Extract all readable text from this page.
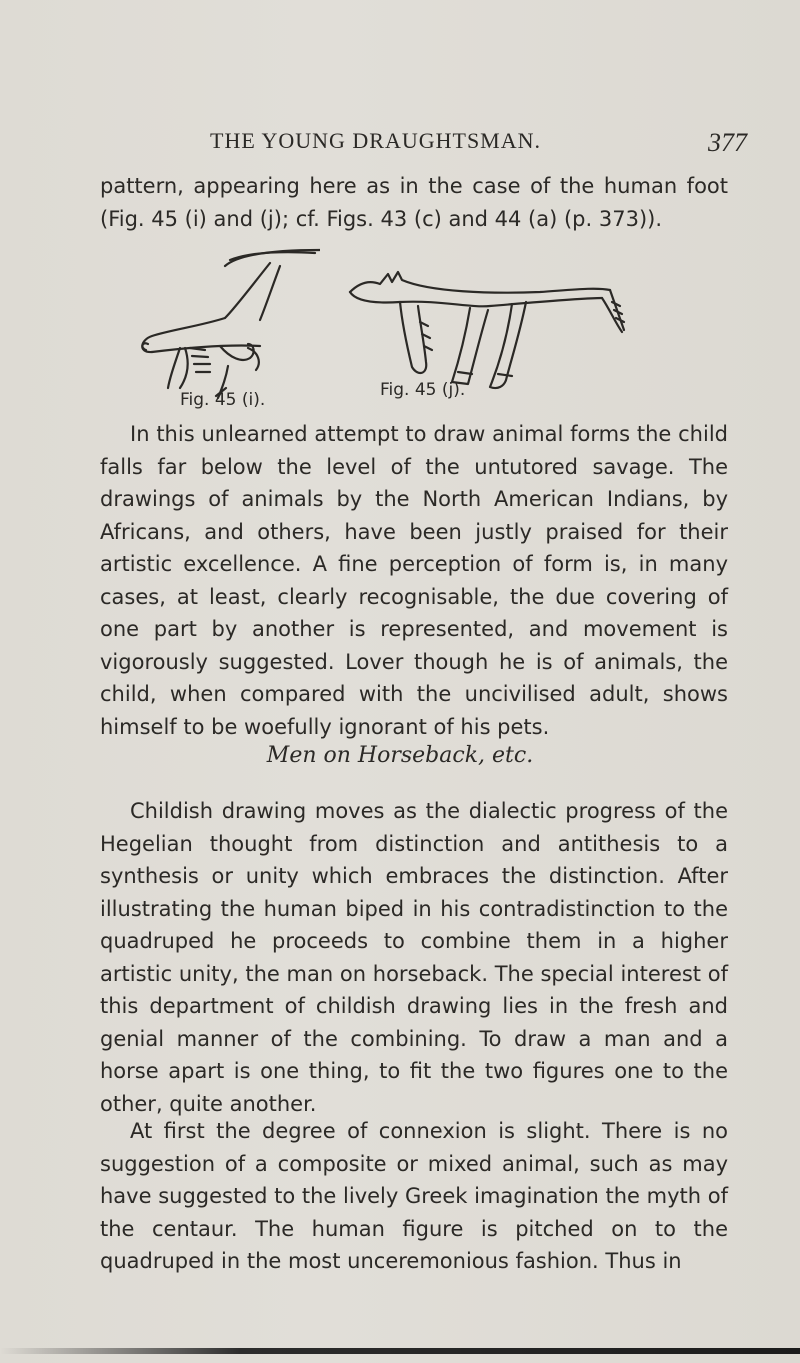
THE YOUNG DRAUGHTSMAN.	377

pattern, appearing here as in the case of the human foot (Fig. 45 (i) and (j); cf. Figs. 43 (c) and 44 (a) (p. 373)).

Fig. 45 (i).	Fig. 45 (j).

In this unlearned attempt to draw animal forms the child falls far below the level of the untutored savage. The drawings of animals by the North American Indians, by Africans, and others, have been justly praised for their artistic excellence. A fine perception of form is, in many cases, at least, clearly recognisable, the due covering of one part by another is represented, and movement is vigorously suggested. Lover though he is of animals, the child, when compared with the uncivilised adult, shows himself to be woefully ignorant of his pets.

Men on Horseback, etc.

Childish drawing moves as the dialectic progress of the Hegelian thought from distinction and antithesis to a synthesis or unity which embraces the distinction. After illustrating the human biped in his contradistinction to the quadruped he proceeds to combine them in a higher artistic unity, the man on horseback. The special interest of this department of childish drawing lies in the fresh and genial manner of the combining. To draw a man and a horse apart is one thing, to fit the two figures one to the other, quite another.

At first the degree of connexion is slight. There is no suggestion of a composite or mixed animal, such as may have suggested to the lively Greek imagination the myth of the centaur. The human figure is pitched on to the quadruped in the most unceremonious fashion. Thus in
